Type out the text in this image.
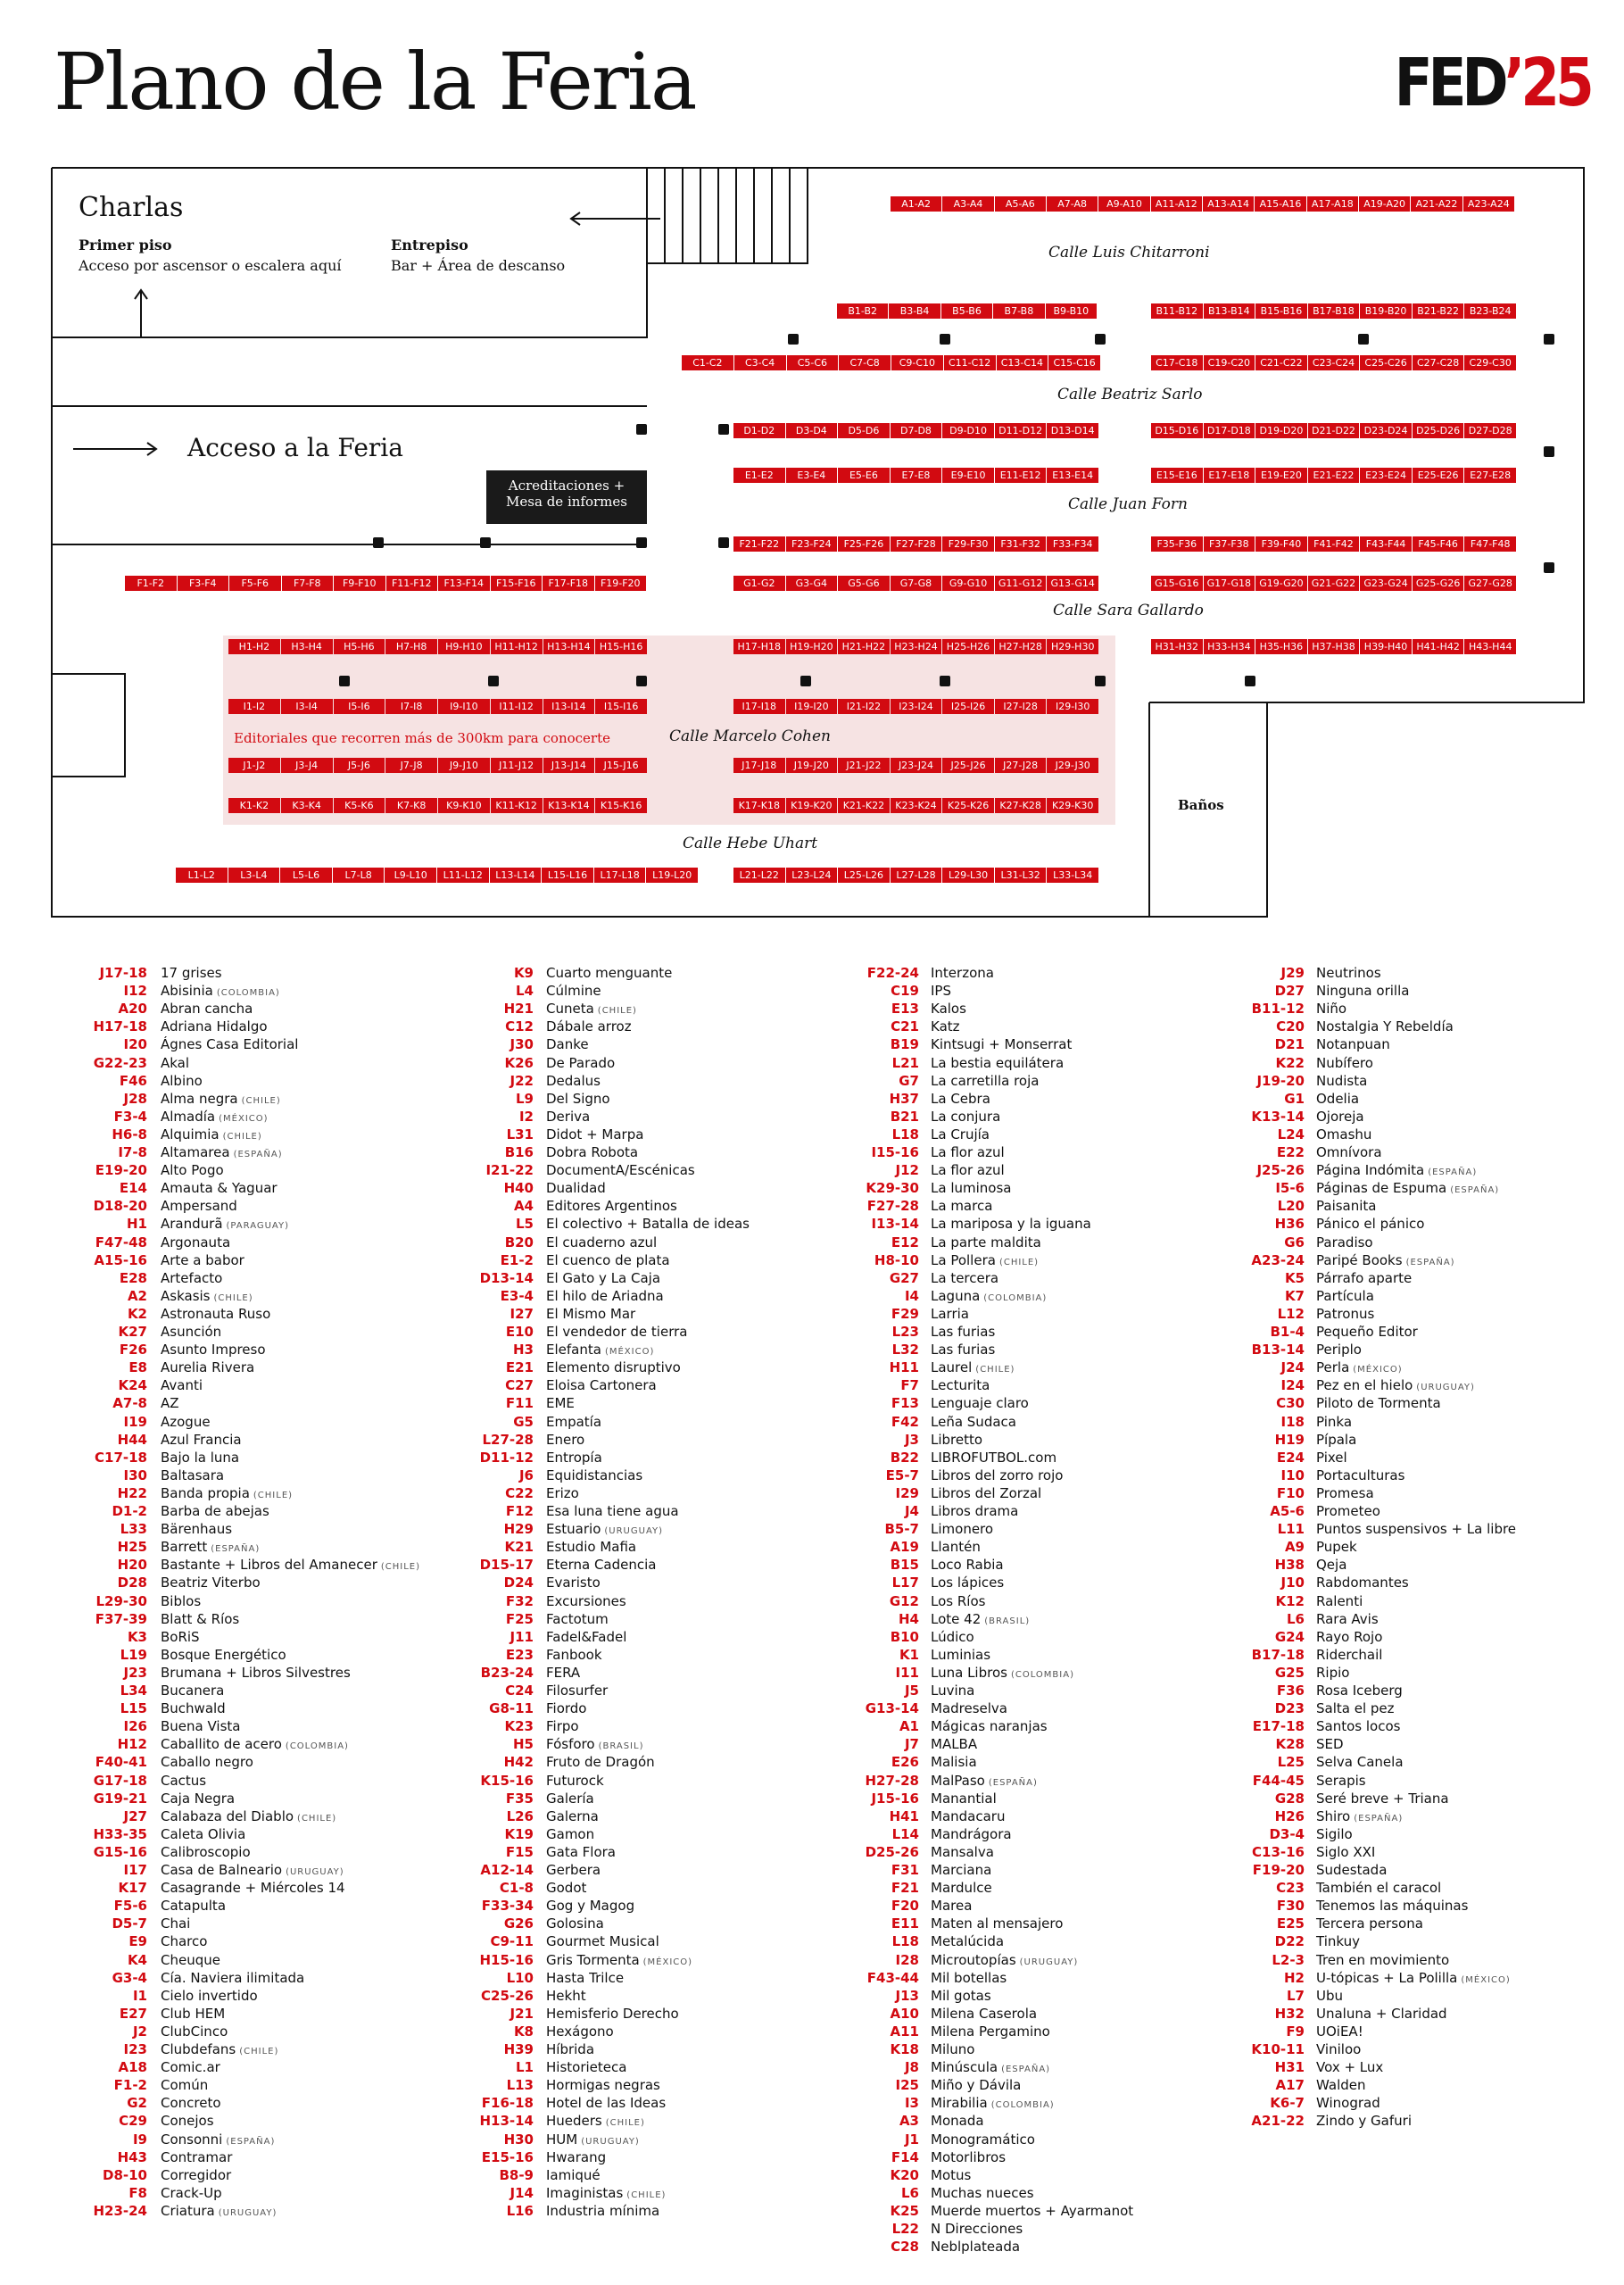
Plano de la Feria	FED’25
Charlas
Primer piso
Acceso por ascensor o escalera aquí
Entrepiso
Bar + Área de descanso
Acceso a la Feria
Acreditaciones +
Mesa de informes
Baños
Editoriales que recorren más de 300km para conocerte
Calle Luis Chitarroni
Calle Beatriz Sarlo
Calle Juan Forn
Calle Sara Gallardo
Calle Marcelo Cohen
Calle Hebe Uhart
A1-A2	A3-A4	A5-A6	A7-A8	A9-A10	A11-A12	A13-A14	A15-A16	A17-A18	A19-A20	A21-A22	A23-A24
B1-B2	B3-B4	B5-B6	B7-B8	B9-B10	B11-B12	B13-B14	B15-B16	B17-B18	B19-B20	B21-B22	B23-B24
C1-C2	C3-C4	C5-C6	C7-C8	C9-C10	C11-C12	C13-C14	C15-C16	C17-C18	C19-C20	C21-C22	C23-C24	C25-C26	C27-C28	C29-C30
D1-D2	D3-D4	D5-D6	D7-D8	D9-D10	D11-D12 D13-D14	D15-D16 D17-D18 D19-D20 D21-D22 D23-D24 D25-D26 D27-D28
E1-E2	E3-E4	E5-E6	E7-E8	E9-E10	E11-E12	E13-E14	E15-E16	E17-E18	E19-E20	E21-E22	E23-E24	E25-E26	E27-E28
F21-F22	F23-F24	F25-F26	F27-F28	F29-F30	F31-F32	F33-F34	F35-F36	F37-F38	F39-F40	F41-F42	F43-F44	F45-F46	F47-F48
F1-F2	F3-F4	F5-F6	F7-F8	F9-F10	F11-F12	F13-F14	F15-F16	F17-F18	F19-F20	G1-G2	G3-G4	G5-G6	G7-G8	G9-G10	G11-G12 G13-G14	G15-G16 G17-G18 G19-G20 G21-G22 G23-G24 G25-G26 G27-G28
H1-H2	H3-H4	H5-H6	H7-H8	H9-H10	H11-H12 H13-H14 H15-H16	H17-H18 H19-H20 H21-H22 H23-H24 H25-H26 H27-H28 H29-H30	H31-H32 H33-H34 H35-H36 H37-H38 H39-H40 H41-H42 H43-H44
I1-I2	I3-I4	I5-I6	I7-I8	I9-I10	I11-I12	I13-I14	I15-I16	I17-I18	I19-I20	I21-I22	I23-I24	I25-I26	I27-I28	I29-I30
J1-J2	J3-J4	J5-J6	J7-J8	J9-J10	J11-J12	J13-J14	J15-J16	J17-J18	J19-J20	J21-J22	J23-J24	J25-J26	J27-J28	J29-J30
K1-K2	K3-K4	K5-K6	K7-K8	K9-K10	K11-K12	K13-K14	K15-K16	K17-K18	K19-K20	K21-K22	K23-K24	K25-K26	K27-K28	K29-K30
L1-L2	L3-L4	L5-L6	L7-L8	L9-L10	L11-L12	L13-L14	L15-L16	L17-L18	L19-L20	L21-L22	L23-L24	L25-L26	L27-L28	L29-L30	L31-L32	L33-L34
J17-18 17 grises
I12 Abisinia (COLOMBIA)
A20 Abran cancha
H17-18 Adriana Hidalgo
I20 Ágnes Casa Editorial
G22-23 Akal
F46 Albino
J28 Alma negra (CHILE)
F3-4 Almadía (MÉXICO)
H6-8 Alquimia (CHILE)
I7-8 Altamarea (ESPAÑA)
E19-20 Alto Pogo
E14 Amauta & Yaguar
D18-20 Ampersand
H1 Arandurã (PARAGUAY)
F47-48 Argonauta
A15-16 Arte a babor
E28 Artefacto
A2 Askasis (CHILE)
K2 Astronauta Ruso
K27 Asunción
F26 Asunto Impreso
E8 Aurelia Rivera
K24 Avanti
A7-8 AZ
I19 Azogue
H44 Azul Francia
C17-18 Bajo la luna
I30 Baltasara
H22 Banda propia (CHILE)
D1-2 Barba de abejas
L33 Bärenhaus
H25 Barrett (ESPAÑA)
H20 Bastante + Libros del Amanecer (CHILE)
D28 Beatriz Viterbo
L29-30 Biblos
F37-39 Blatt & Ríos
K3 BoRiS
L19 Bosque Energético
J23 Brumana + Libros Silvestres
L34 Bucanera
L15 Buchwald
I26 Buena Vista
H12 Caballito de acero (COLOMBIA)
F40-41 Caballo negro
G17-18 Cactus
G19-21 Caja Negra
J27 Calabaza del Diablo (CHILE)
H33-35 Caleta Olivia
G15-16 Calibroscopio
I17 Casa de Balneario (URUGUAY)
K17 Casagrande + Miércoles 14
F5-6 Catapulta
D5-7 Chai
E9 Charco
K4 Cheuque
G3-4 Cía. Naviera ilimitada
I1 Cielo invertido
E27 Club HEM
J2 ClubCinco
I23 Clubdefans (CHILE)
A18 Comic.ar
F1-2 Común
G2 Concreto
C29 Conejos
I9 Consonni (ESPAÑA)
H43 Contramar
D8-10 Corregidor
F8 Crack-Up
H23-24 Criatura (URUGUAY)
K9 Cuarto menguante
L4 Cúlmine
H21 Cuneta (CHILE)
C12 Dábale arroz
J30 Danke
K26 De Parado
J22 Dedalus
L9 Del Signo
I2 Deriva
L31 Didot + Marpa
B16 Dobra Robota
I21-22 DocumentA/Escénicas
H40 Dualidad
A4 Editores Argentinos
L5 El colectivo + Batalla de ideas
B20 El cuaderno azul
E1-2 El cuenco de plata
D13-14 El Gato y La Caja
E3-4 El hilo de Ariadna
I27 El Mismo Mar
E10 El vendedor de tierra
H3 Elefanta (MÉXICO)
E21 Elemento disruptivo
C27 Eloisa Cartonera
F11 EME
G5 Empatía
L27-28 Enero
D11-12 Entropía
J6 Equidistancias
C22 Erizo
F12 Esa luna tiene agua
H29 Estuario (URUGUAY)
K21 Estudio Mafia
D15-17 Eterna Cadencia
D24 Evaristo
F32 Excursiones
F25 Factotum
J11 Fadel&Fadel
E23 Fanbook
B23-24 FERA
C24 Filosurfer
G8-11 Fiordo
K23 Firpo
H5 Fósforo (BRASIL)
H42 Fruto de Dragón
K15-16 Futurock
F35 Galería
L26 Galerna
K19 Gamon
F15 Gata Flora
A12-14 Gerbera
C1-8 Godot
F33-34 Gog y Magog
G26 Golosina
C9-11 Gourmet Musical
H15-16 Gris Tormenta (MÉXICO)
L10 Hasta Trilce
C25-26 Hekht
J21 Hemisferio Derecho
K8 Hexágono
H39 Híbrida
L1 Historieteca
L13 Hormigas negras
F16-18 Hotel de las Ideas
H13-14 Hueders (CHILE)
H30 HUM (URUGUAY)
E15-16 Hwarang
B8-9 Iamiqué
J14 Imaginistas (CHILE)
L16 Industria mínima
F22-24 Interzona
C19 IPS
E13 Kalos
C21 Katz
B19 Kintsugi + Monserrat
L21 La bestia equilátera
G7 La carretilla roja
H37 La Cebra
B21 La conjura
L18 La Crujía
I15-16 La flor azul
J12 La flor azul
K29-30 La luminosa
F27-28 La marca
I13-14 La mariposa y la iguana
E12 La parte maldita
H8-10 La Pollera (CHILE)
G27 La tercera
I4 Laguna (COLOMBIA)
F29 Larria
L23 Las furias
L32 Las furias
H11 Laurel (CHILE)
F7 Lecturita
F13 Lenguaje claro
F42 Leña Sudaca
J3 Libretto
B22 LIBROFUTBOL.com
E5-7 Libros del zorro rojo
I29 Libros del Zorzal
J4 Libros drama
B5-7 Limonero
A19 Llantén
B15 Loco Rabia
L17 Los lápices
G12 Los Ríos
H4 Lote 42 (BRASIL)
B10 Lúdico
K1 Luminias
I11 Luna Libros (COLOMBIA)
J5 Luvina
G13-14 Madreselva
A1 Mágicas naranjas
J7 MALBA
E26 Malisia
H27-28 MalPaso (ESPAÑA)
J15-16 Manantial
H41 Mandacaru
L14 Mandrágora
D25-26 Mansalva
F31 Marciana
F21 Mardulce
F20 Marea
E11 Maten al mensajero
L18 Metalúcida
I28 Microutopías (URUGUAY)
F43-44 Mil botellas
J13 Mil gotas
A10 Milena Caserola
A11 Milena Pergamino
K18 Miluno
J8 Minúscula (ESPAÑA)
I25 Miño y Dávila
I3 Mirabilia (COLOMBIA)
A3 Monada
J1 Monogramático
F14 Motorlibros
K20 Motus
L6 Muchas nueces
K25 Muerde muertos + Ayarmanot
L22 N Direcciones
C28 Neblplateada
J29 Neutrinos
D27 Ninguna orilla
B11-12 Niño
C20 Nostalgia Y Rebeldía
D21 Notanpuan
K22 Nubífero
J19-20 Nudista
G1 Odelia
K13-14 Ojoreja
L24 Omashu
E22 Omnívora
J25-26 Página Indómita (ESPAÑA)
I5-6 Páginas de Espuma (ESPAÑA)
L20 Paisanita
H36 Pánico el pánico
G6 Paradiso
A23-24 Paripé Books (ESPAÑA)
K5 Párrafo aparte
K7 Partícula
L12 Patronus
B1-4 Pequeño Editor
B13-14 Periplo
J24 Perla (MÉXICO)
I24 Pez en el hielo (URUGUAY)
C30 Piloto de Tormenta
I18 Pinka
H19 Pípala
E24 Pixel
I10 Portaculturas
F10 Promesa
A5-6 Prometeo
L11 Puntos suspensivos + La libre
A9 Pupek
H38 Qeja
J10 Rabdomantes
K12 Ralenti
L6 Rara Avis
G24 Rayo Rojo
B17-18 Riderchail
G25 Ripio
F36 Rosa Iceberg
D23 Salta el pez
E17-18 Santos locos
K28 SED
L25 Selva Canela
F44-45 Serapis
G28 Seré breve + Triana
H26 Shiro (ESPAÑA)
D3-4 Sigilo
C13-16 Siglo XXI
F19-20 Sudestada
C23 También el caracol
F30 Tenemos las máquinas
E25 Tercera persona
D22 Tinkuy
L2-3 Tren en movimiento
H2 U-tópicas + La Polilla (MÉXICO)
L7 Ubu
H32 Unaluna + Claridad
F9 UOiEA!
K10-11 Viniloo
H31 Vox + Lux
A17 Walden
K6-7 Winograd
A21-22 Zindo y Gafuri
